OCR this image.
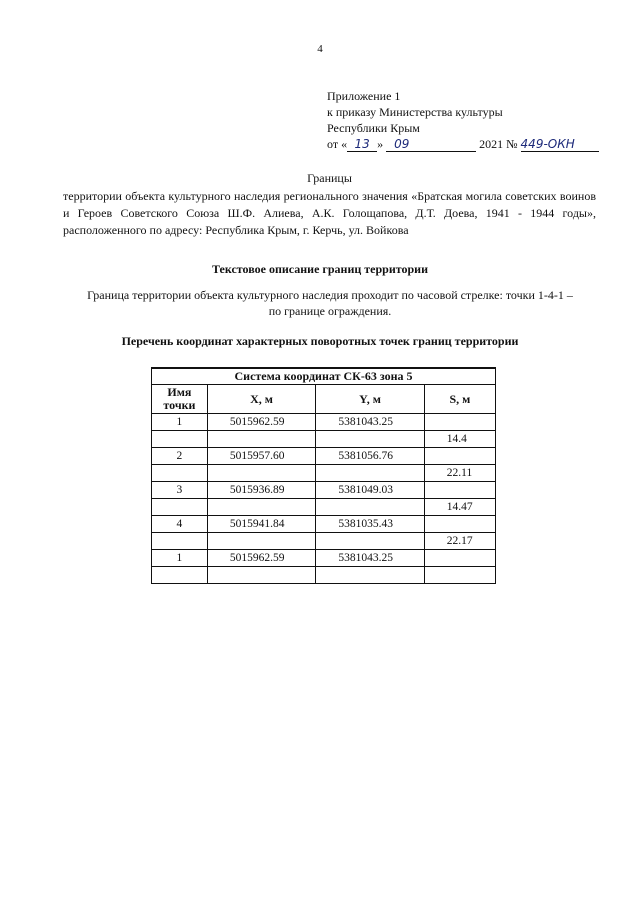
4
Приложение 1
к приказу Министерства культуры
Республики Крым
от « 13 » 09	2021 № 449-ОКН
Границы
территории объекта культурного наследия регионального значения «Братская могила советских воинов и Героев Советского Союза Ш.Ф. Алиева, А.К. Голощапова, Д.Т. Доева, 1941 - 1944 годы», расположенного по адресу: Республика Крым, г. Керчь, ул. Войкова
Текстовое описание границ территории
Граница территории объекта культурного наследия проходит по часовой стрелке: точки 1-4-1 –
по границе ограждения.
Перечень координат характерных поворотных точек границ территории
Система координат СК-63 зона 5			
Имя точки	X, м	Y, м	S, м
1	5015962.59	5381043.25	
			14.4
2	5015957.60	5381056.76	
			22.11
3	5015936.89	5381049.03	
			14.47
4	5015941.84	5381035.43	
			22.17
1	5015962.59	5381043.25	
